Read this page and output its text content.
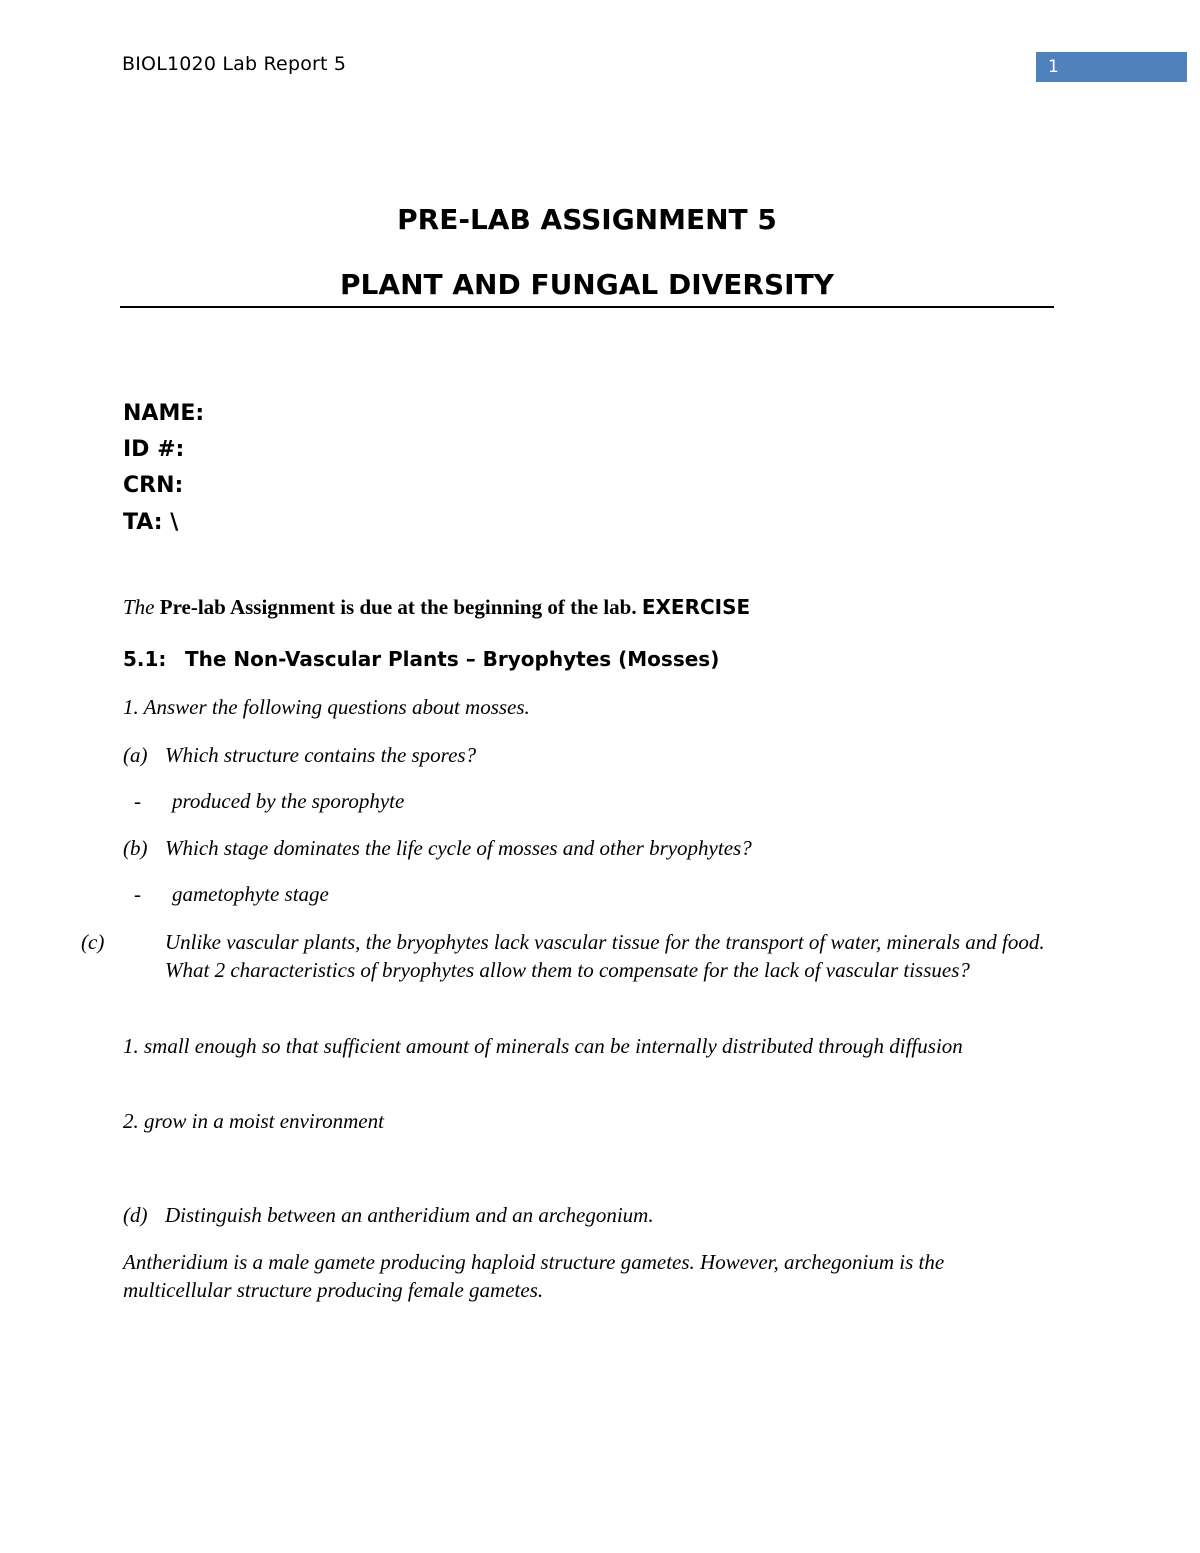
BIOL1020 Lab Report 5	1
PRE-LAB ASSIGNMENT 5
PLANT AND FUNGAL DIVERSITY
NAME:
ID #:
CRN:
TA: \
The Pre-lab Assignment is due at the beginning of the lab. EXERCISE
5.1: The Non-Vascular Plants – Bryophytes (Mosses)
1. Answer the following questions about mosses.
(a) Which structure contains the spores?
- produced by the sporophyte
(b) Which stage dominates the life cycle of mosses and other bryophytes?
- gametophyte stage
(c)	Unlike vascular plants, the bryophytes lack vascular tissue for the transport of water, minerals and food. What 2 characteristics of bryophytes allow them to compensate for the lack of vascular tissues?
1. small enough so that sufficient amount of minerals can be internally distributed through diffusion
2. grow in a moist environment
(d) Distinguish between an antheridium and an archegonium.
Antheridium is a male gamete producing haploid structure gametes. However, archegonium is the multicellular structure producing female gametes.
